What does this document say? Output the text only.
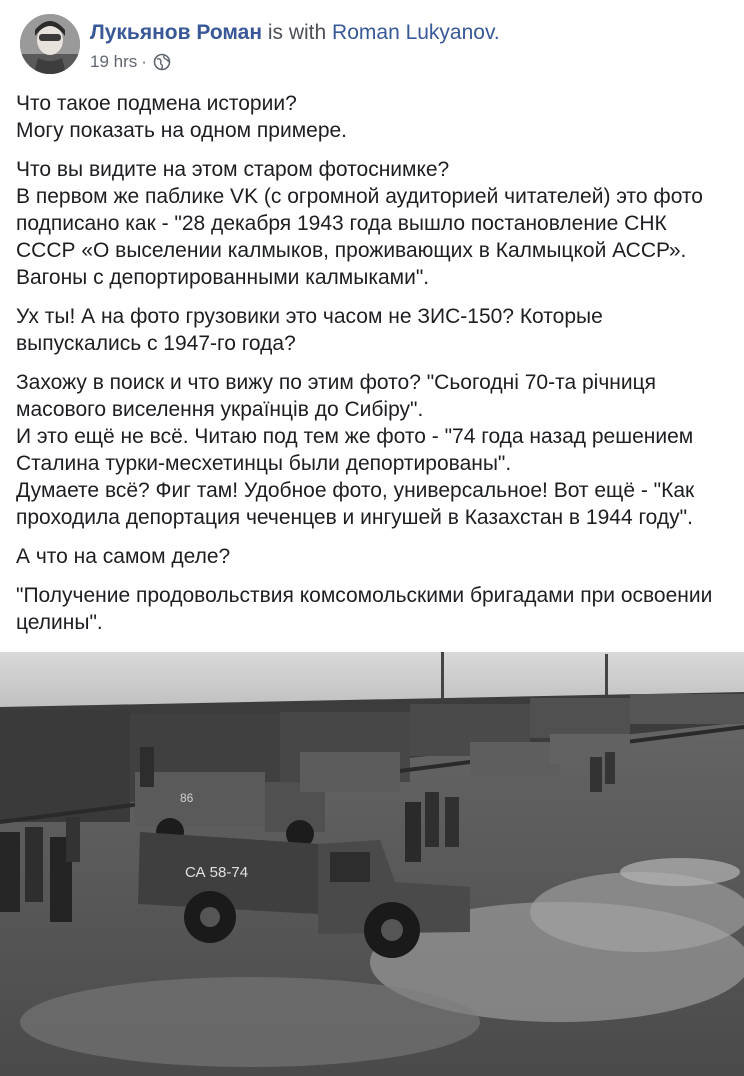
Лукьянов Роман is with Roman Lukyanov.
19 hrs ·

Что такое подмена истории?
Могу показать на одном примере.

Что вы видите на этом старом фотоснимке?
В первом же паблике VK (с огромной аудиторией читателей) это фото подписано как - "28 декабря 1943 года вышло постановление СНК СССР «О выселении калмыков, проживающих в Калмыцкой АССР». Вагоны с депортированными калмыками".

Ух ты! А на фото грузовики это часом не ЗИС-150? Которые выпускались с 1947-го года?

Захожу в поиск и что вижу по этим фото? "Сьогодні 70-та річниця масового виселення українців до Сибіру".
И это ещё не всё. Читаю под тем же фото - "74 года назад решением Сталина турки-месхетинцы были депортированы".
Думаете всё? Фиг там! Удобное фото, универсальное! Вот ещё - "Как проходила депортация чеченцев и ингушей в Казахстан в 1944 году".

А что на самом деле?

"Получение продовольствия комсомольскими бригадами при освоении целины".

СА 58-74
86
